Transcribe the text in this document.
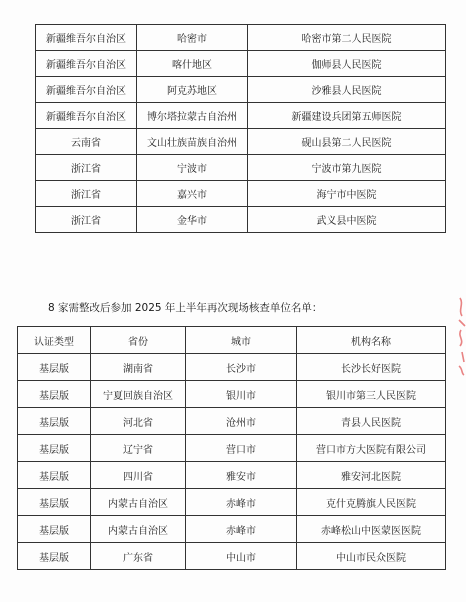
新疆维吾尔自治区	哈密市	哈密市第二人民医院
新疆维吾尔自治区	喀什地区	伽师县人民医院
新疆维吾尔自治区	阿克苏地区	沙雅县人民医院
新疆维吾尔自治区	博尔塔拉蒙古自治州	新疆建设兵团第五师医院
云南省	文山壮族苗族自治州	砚山县第二人民医院
浙江省	宁波市	宁波市第九医院
浙江省	嘉兴市	海宁市中医院
浙江省	金华市	武义县中医院
8 家需整改后参加 2025 年上半年再次现场核查单位名单：
认证类型	省份	城市	机构名称
基层版	湖南省	长沙市	长沙长好医院
基层版	宁夏回族自治区	银川市	银川市第三人民医院
基层版	河北省	沧州市	青县人民医院
基层版	辽宁省	营口市	营口市方大医院有限公司
基层版	四川省	雅安市	雅安河北医院
基层版	内蒙古自治区	赤峰市	克什克腾旗人民医院
基层版	内蒙古自治区	赤峰市	赤峰松山中医蒙医医院
基层版	广东省	中山市	中山市民众医院
